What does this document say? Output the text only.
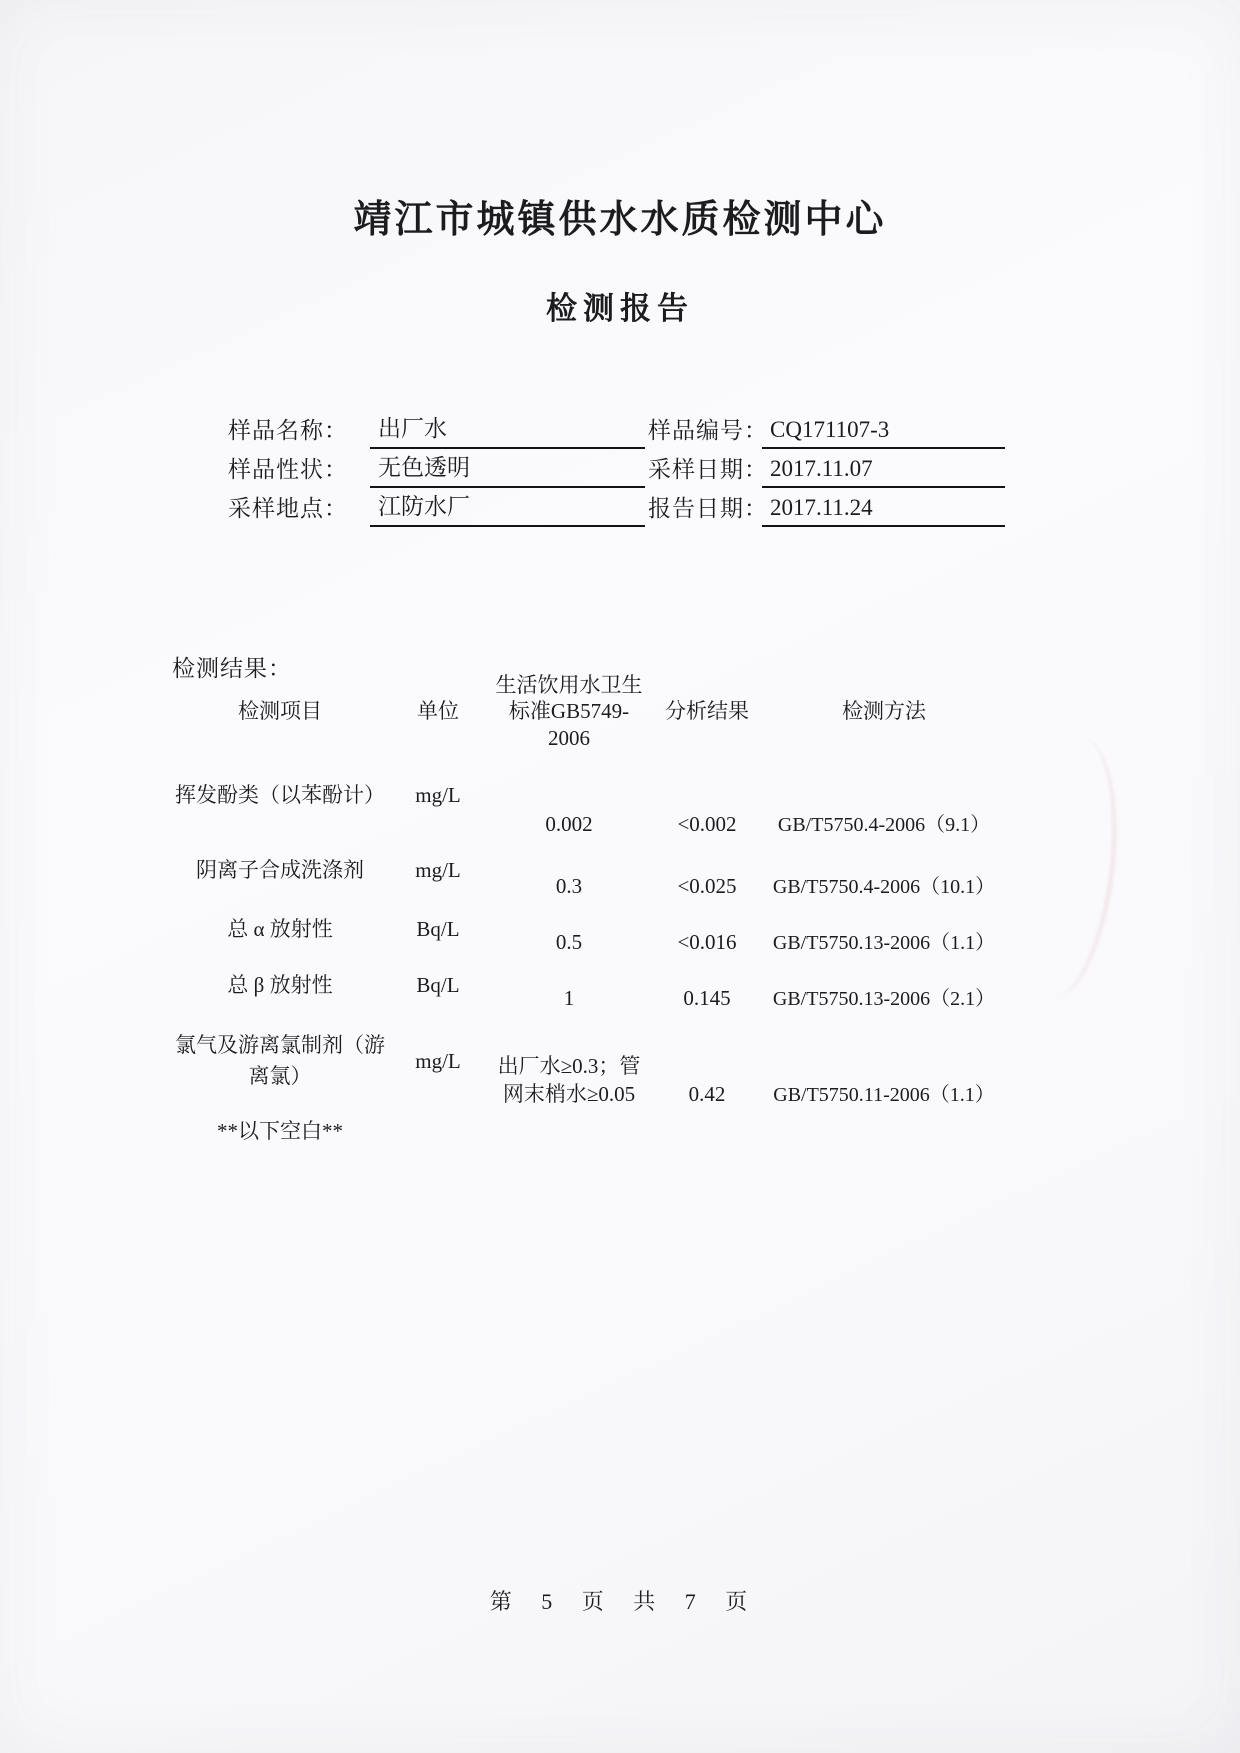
靖江市城镇供水水质检测中心
检测报告
样品名称：	出厂水	样品编号： CQ171107-3
样品性状：	无色透明	采样日期： 2017.11.07
采样地点：	江防水厂	报告日期： 2017.11.24
检测结果：
检测项目	单位	生活饮用水卫生标准GB5749-2006	分析结果	检测方法
挥发酚类（以苯酚计）	mg/L	0.002	<0.002	GB/T5750.4-2006（9.1）
阴离子合成洗涤剂	mg/L	0.3	<0.025	GB/T5750.4-2006（10.1）
总 α 放射性	Bq/L	0.5	<0.016	GB/T5750.13-2006（1.1）
总 β 放射性	Bq/L	1	0.145	GB/T5750.13-2006（2.1）
氯气及游离氯制剂（游离氯）	mg/L	出厂水≥0.3；管网末梢水≥0.05	0.42	GB/T5750.11-2006（1.1）
**以下空白**				
第 5 页 共 7 页
